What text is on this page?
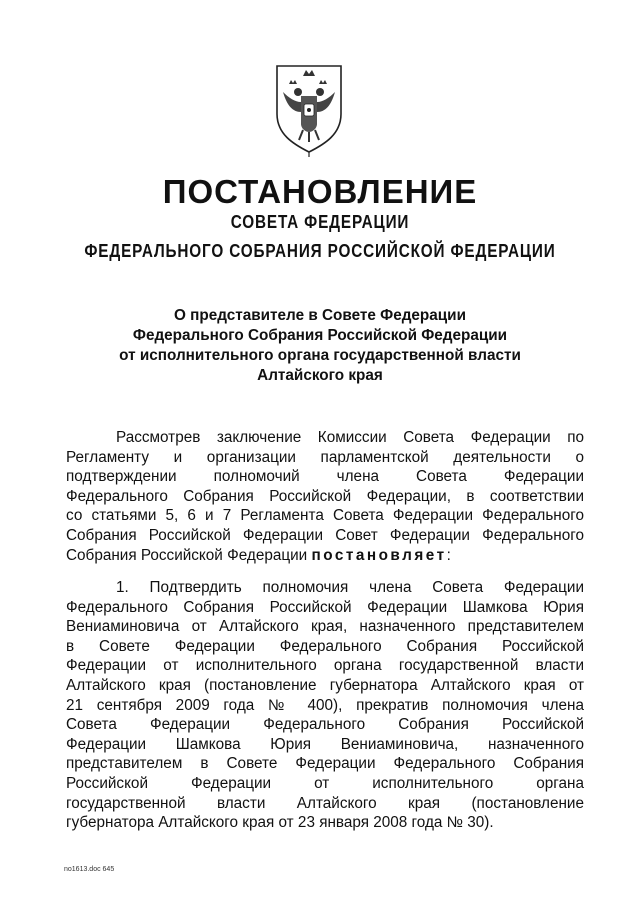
ПОСТАНОВЛЕНИЕ
СОВЕТА ФЕДЕРАЦИИ
ФЕДЕРАЛЬНОГО СОБРАНИЯ РОССИЙСКОЙ ФЕДЕРАЦИИ
О представителе в Совете Федерации
Федерального Собрания Российской Федерации
от исполнительного органа государственной власти
Алтайского края
Рассмотрев заключение Комиссии Совета Федерации по
Регламенту и организации парламентской деятельности о
подтверждении полномочий члена Совета Федерации
Федерального Собрания Российской Федерации, в соответствии
со статьями 5, 6 и 7 Регламента Совета Федерации Федерального
Собрания Российской Федерации Совет Федерации Федерального
Собрания Российской Федерации постановляет:
1. Подтвердить полномочия члена Совета Федерации
Федерального Собрания Российской Федерации Шамкова Юрия
Вениаминовича от Алтайского края, назначенного представителем
в Совете Федерации Федерального Собрания Российской
Федерации от исполнительного органа государственной власти
Алтайского края (постановление губернатора Алтайского края от
21 сентября 2009 года № 400), прекратив полномочия члена
Совета Федерации Федерального Собрания Российской
Федерации Шамкова Юрия Вениаминовича, назначенного
представителем в Совете Федерации Федерального Собрания
Российской Федерации от исполнительного органа
государственной власти Алтайского края (постановление
губернатора Алтайского края от 23 января 2008 года № 30).
no1613.doc 645
